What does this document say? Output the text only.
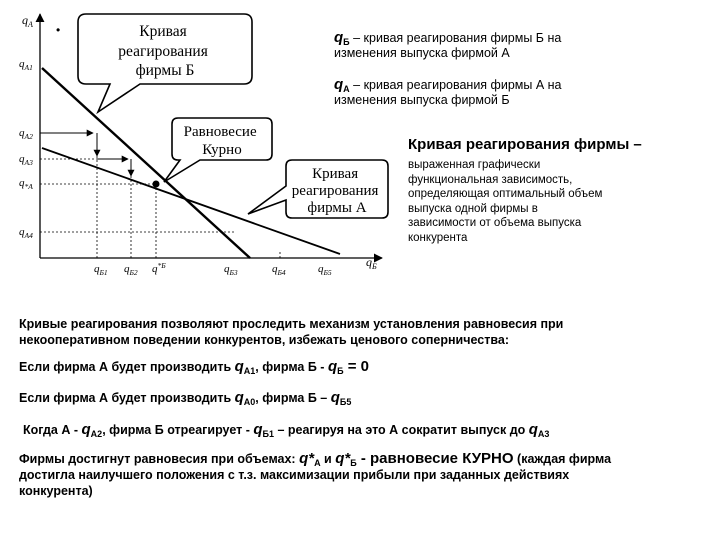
$q_A$
$q_Б$
•
$q_{A1}$
$q_{A2}$
$q_{A3}$
$q_{*A}$
$q_{A4}$
$q_{Б1}$ $q_{Б2}$ $q^{*Б}$	$q_{Б3}$	$q_{Б4}$	$q_{Б5}$
Кривая реагирования фирмы Б
Равновесие Курно
Кривая реагирования фирмы А
$q_Б$ – кривая реагирования фирмы Б на
изменения выпуска фирмой А
$q_А$ – кривая реагирования фирмы А на
изменения выпуска фирмой Б
Кривая реагирования фирмы –
выраженная графически
функциональная зависимость,
определяющая оптимальный объем
выпуска одной фирмы в
зависимости от объема выпуска
конкурента
Кривые реагирования позволяют проследить механизм установления равновесия при
некооперативном поведении конкурентов, избежать ценового соперничества:
Если фирма А будет производить $q_{A1}$, фирма $Б - q_Б = 0$
Если фирма А будет производить $q_{A0}$, фирма Б – $q_{Б5}$
Когда А - $q_{A2}$, фирма Б отреагирует - $q_{Б1}$ – реагируя на это А сократит выпуск до $q_{A3}$
Фирмы достигнут равновесия при объемах: $q*_A$ и $q*_Б$ - равновесие КУРНО (каждая фирма
достигла наилучшего положения с т.з. максимизации прибыли при заданных действиях
конкурента)
